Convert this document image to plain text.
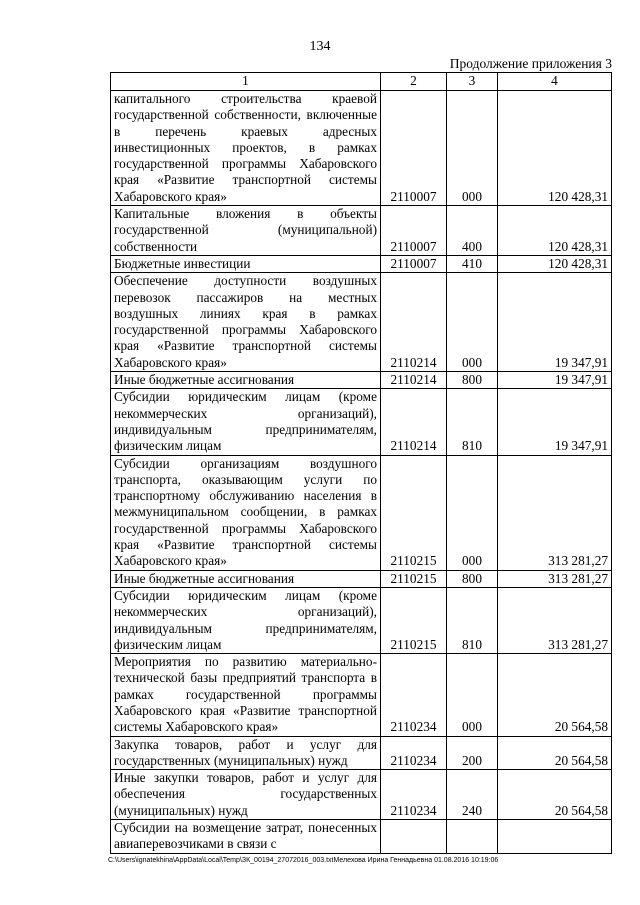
134
Продолжение приложения 3
1	2	3	4
капитального строительства краевой государственной собственности, включенные в перечень краевых адресных инвестиционных проектов, в рамках государственной программы Хабаровского края «Развитие транспортной системы Хабаровского края»	2110007	000	120 428,31
Капитальные вложения в объекты государственной (муниципальной) собственности	2110007	400	120 428,31
Бюджетные инвестиции	2110007	410	120 428,31
Обеспечение доступности воздушных перевозок пассажиров на местных воздушных линиях края в рамках государственной программы Хабаровского края «Развитие транспортной системы Хабаровского края»	2110214	000	19 347,91
Иные бюджетные ассигнования	2110214	800	19 347,91
Субсидии юридическим лицам (кроме некоммерческих организаций), индивидуальным предпринимателям, физическим лицам	2110214	810	19 347,91
Субсидии организациям воздушного транспорта, оказывающим услуги по транспортному обслуживанию населения в межмуниципальном сообщении, в рамках государственной программы Хабаровского края «Развитие транспортной системы Хабаровского края»	2110215	000	313 281,27
Иные бюджетные ассигнования	2110215	800	313 281,27
Субсидии юридическим лицам (кроме некоммерческих организаций), индивидуальным предпринимателям, физическим лицам	2110215	810	313 281,27
Мероприятия по развитию материально-технической базы предприятий транспорта в рамках государственной программы Хабаровского края «Развитие транспортной системы Хабаровского края»	2110234	000	20 564,58
Закупка товаров, работ и услуг для государственных (муниципальных) нужд	2110234	200	20 564,58
Иные закупки товаров, работ и услуг для обеспечения государственных (муниципальных) нужд	2110234	240	20 564,58
Субсидии на возмещение затрат, понесенных авиаперевозчиками в связи с			
C:\Users\ignatekhina\AppData\Local\Temp\ЗК_00194_27072016_003.txtМелехова Ирина Геннадьевна 01.08.2016 10:19:06
